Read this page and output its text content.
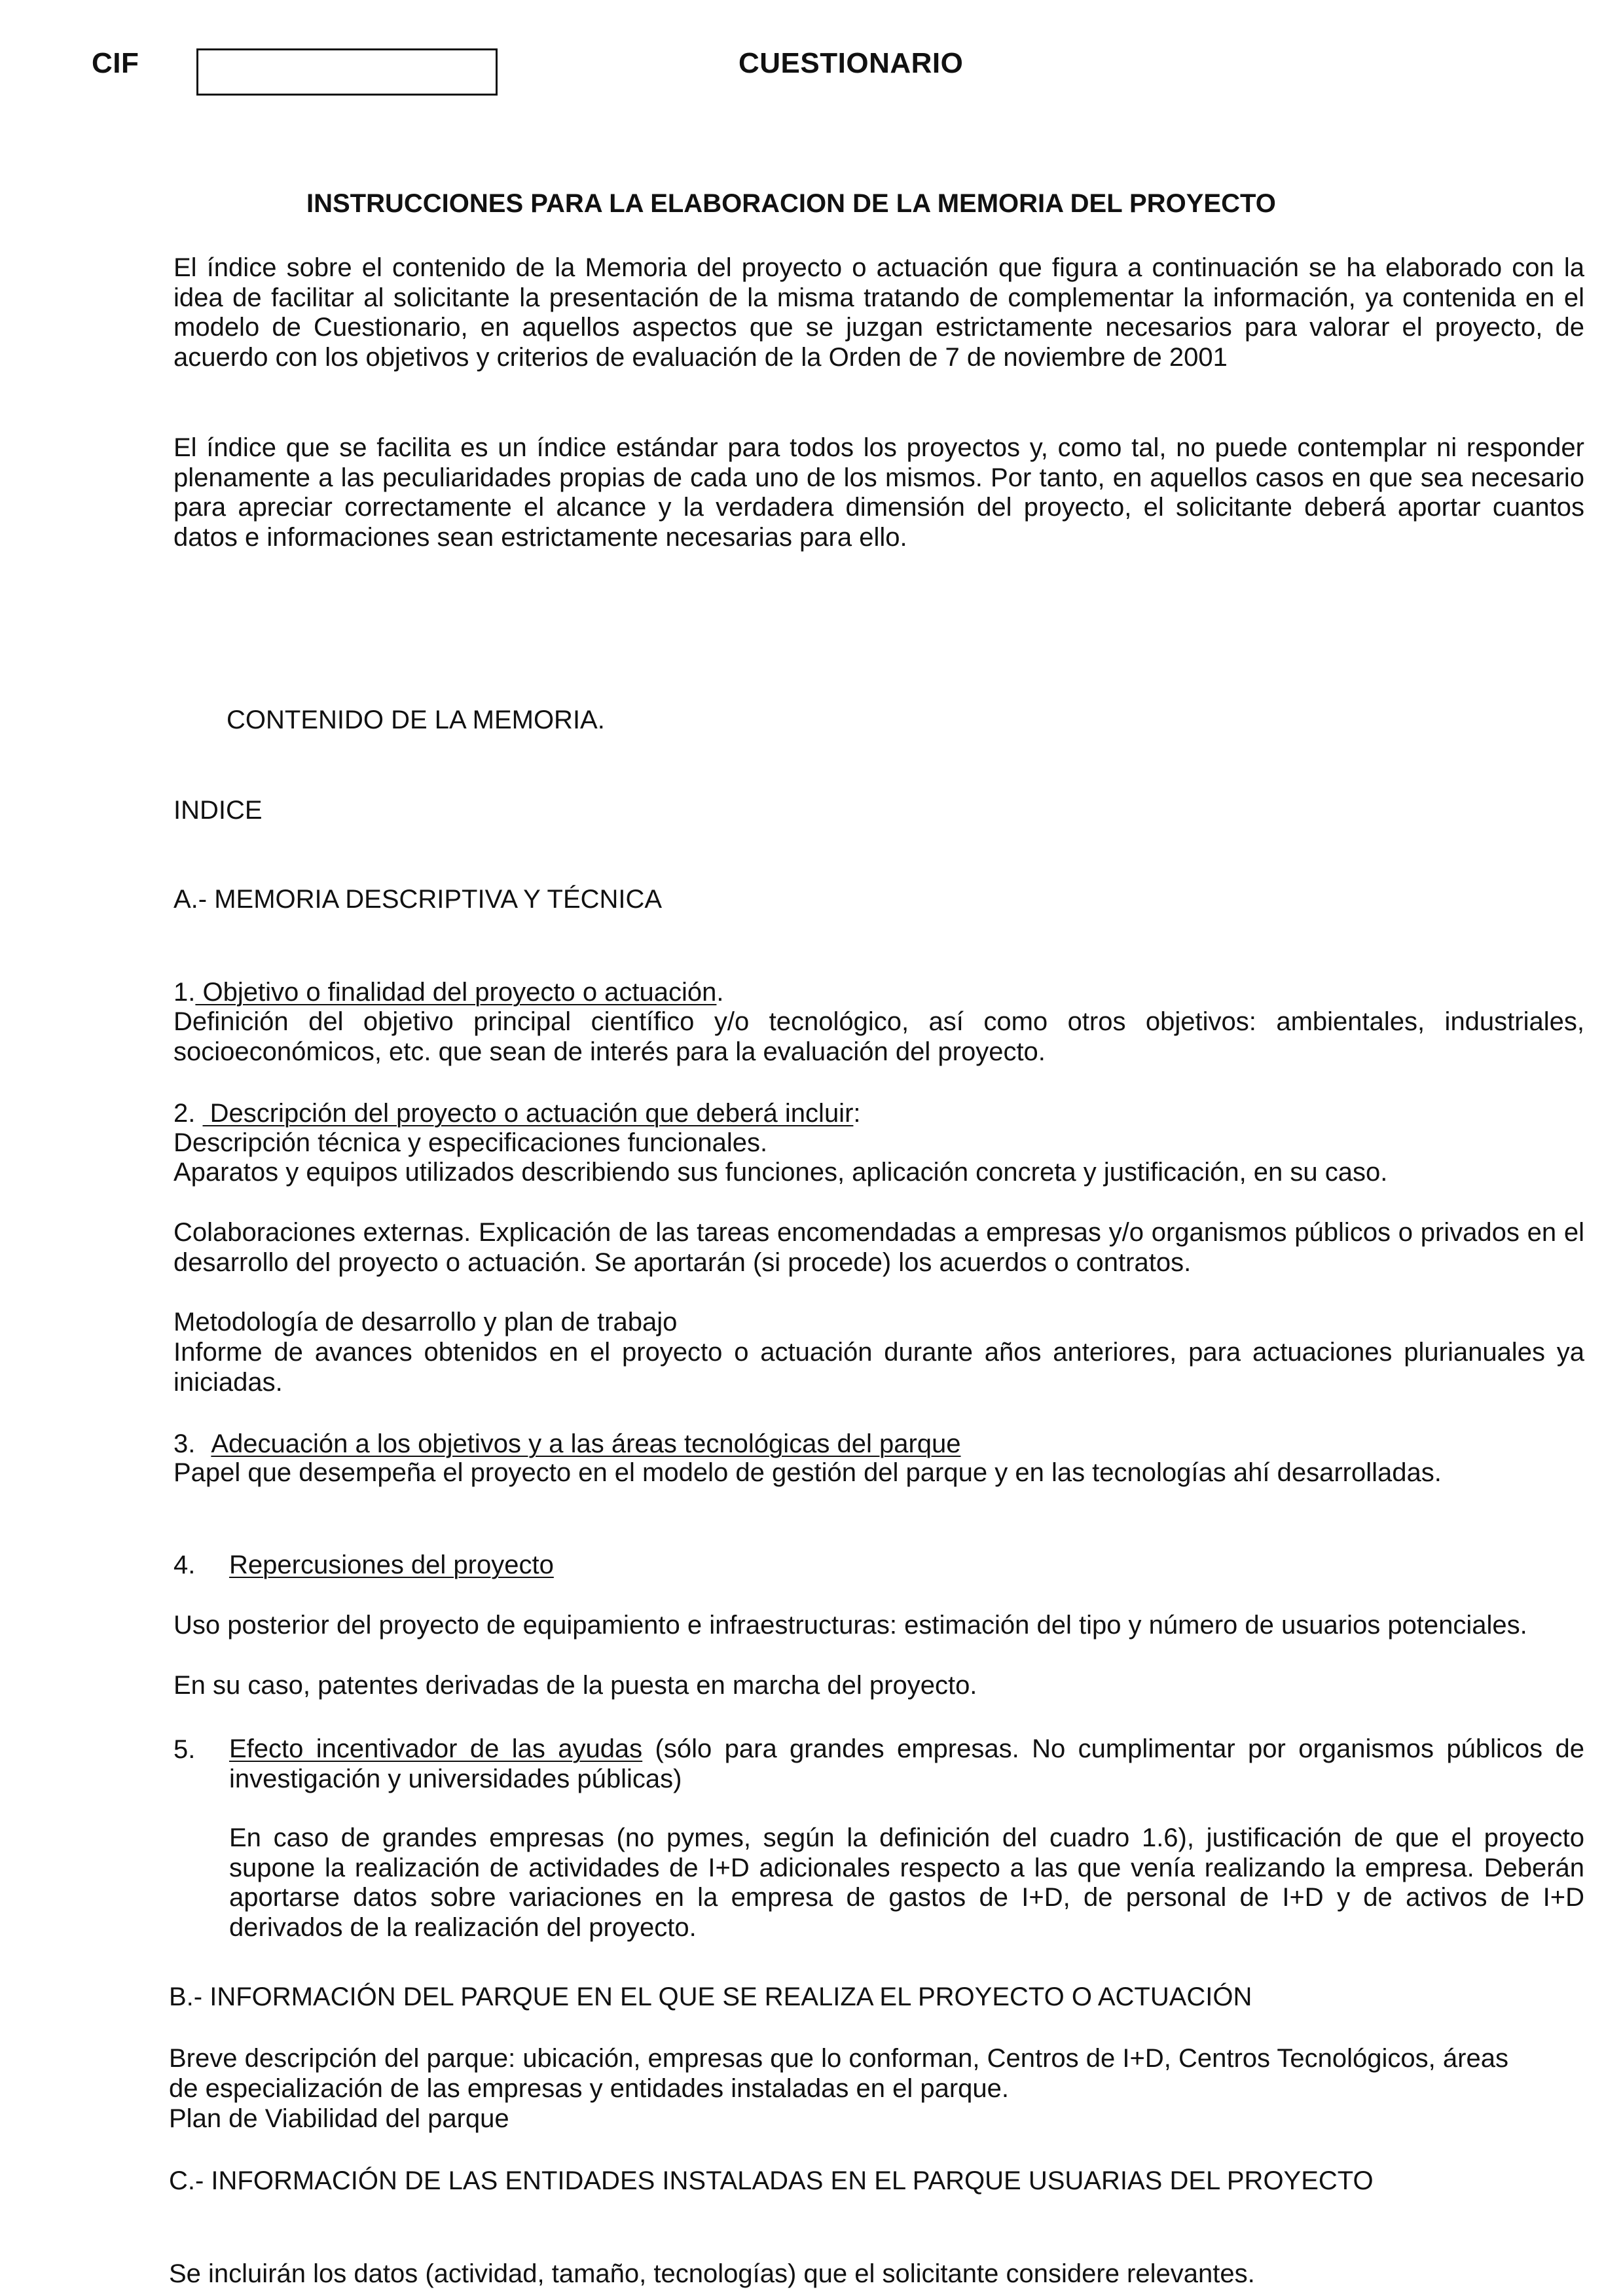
CIF	CUESTIONARIO
INSTRUCCIONES PARA LA ELABORACION DE LA MEMORIA DEL PROYECTO
El índice sobre el contenido de la Memoria del proyecto o actuación que figura a continuación se ha elaborado con la idea de facilitar al solicitante la presentación de la misma tratando de complementar la información, ya contenida en el modelo de Cuestionario, en aquellos aspectos que se juzgan estrictamente necesarios para valorar el proyecto, de acuerdo con los objetivos y criterios de evaluación de la Orden de 7 de noviembre de 2001
El índice que se facilita es un índice estándar para todos los proyectos y, como tal, no puede contemplar ni responder plenamente a las peculiaridades propias de cada uno de los mismos. Por tanto, en aquellos casos en que sea necesario para apreciar correctamente el alcance y la verdadera dimensión del proyecto, el solicitante deberá aportar cuantos datos e informaciones sean estrictamente necesarias para ello.
CONTENIDO DE LA MEMORIA.
INDICE
A.- MEMORIA DESCRIPTIVA Y TÉCNICA
1. Objetivo o finalidad del proyecto o actuación.
Definición del objetivo principal científico y/o tecnológico, así como otros objetivos: ambientales, industriales, socioeconómicos, etc. que sean de interés para la evaluación del proyecto.
2.  Descripción del proyecto o actuación que deberá incluir:
Descripción técnica y especificaciones funcionales.
Aparatos y equipos utilizados describiendo sus funciones, aplicación concreta y justificación, en su caso.
Colaboraciones externas. Explicación de las tareas encomendadas a empresas y/o organismos públicos o privados en el desarrollo del proyecto o actuación. Se aportarán (si procede) los acuerdos o contratos.
Metodología de desarrollo y plan de trabajo
Informe de avances obtenidos en el proyecto o actuación durante años anteriores, para actuaciones plurianuales ya iniciadas.
3. Adecuación a los objetivos y a las áreas tecnológicas del parque
Papel que desempeña el proyecto en el modelo de gestión del parque y en las tecnologías ahí desarrolladas.
4. Repercusiones del proyecto
Uso posterior del proyecto de equipamiento e infraestructuras: estimación del tipo y número de usuarios potenciales.
En su caso, patentes derivadas de la puesta en marcha del proyecto.
5. Efecto incentivador de las ayudas (sólo para grandes empresas. No cumplimentar por organismos públicos de investigación y universidades públicas)
En caso de grandes empresas (no pymes, según la definición del cuadro 1.6), justificación de que el proyecto supone la realización de actividades de I+D adicionales respecto a las que venía realizando la empresa. Deberán aportarse datos sobre variaciones en la empresa de gastos de I+D, de personal de I+D y de activos de I+D derivados de la realización del proyecto.
B.- INFORMACIÓN DEL PARQUE EN EL QUE SE REALIZA EL PROYECTO O ACTUACIÓN
Breve descripción del parque: ubicación, empresas que lo conforman, Centros de I+D, Centros Tecnológicos, áreas de especialización de las empresas y entidades instaladas en el parque.
Plan de Viabilidad del parque
C.- INFORMACIÓN DE LAS ENTIDADES INSTALADAS EN EL PARQUE USUARIAS DEL PROYECTO
Se incluirán los datos (actividad, tamaño, tecnologías) que el solicitante considere relevantes.
